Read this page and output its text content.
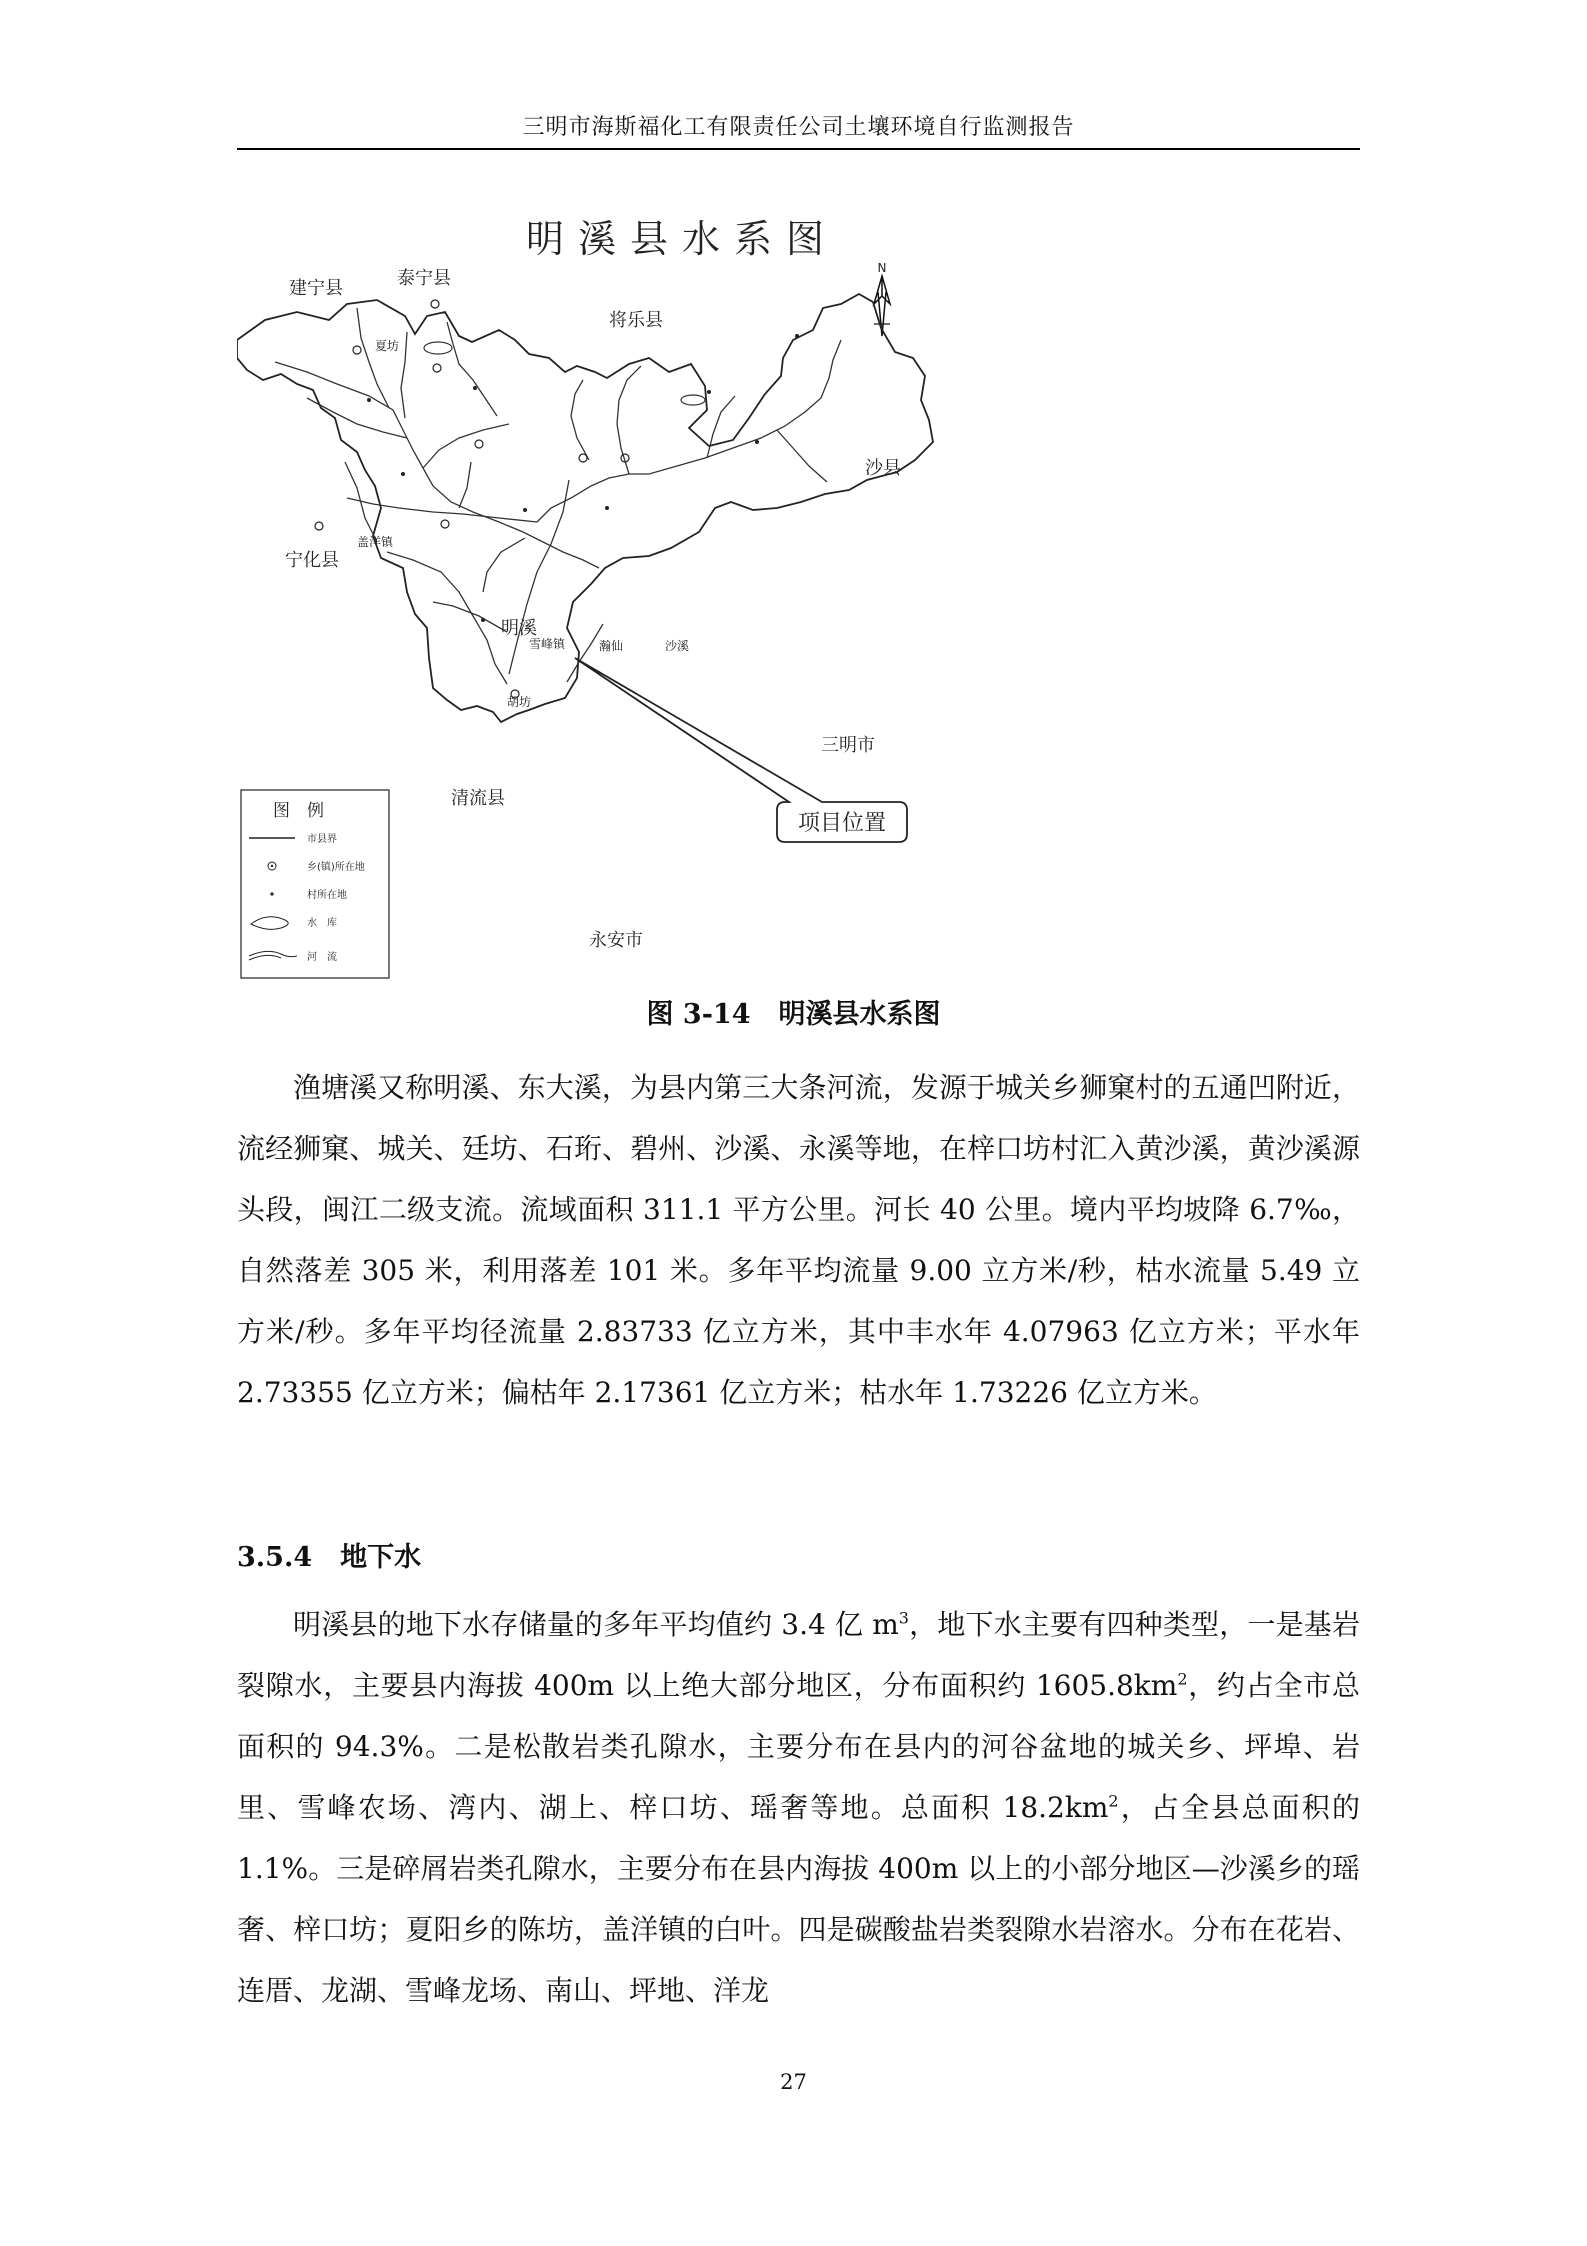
三明市海斯福化工有限责任公司土壤环境自行监测报告
明溪县水系图
N
建宁县	泰宁县
将乐县
沙县
宁化县
清流县
三明市
永安市
明溪
夏坊
盖洋镇
雪峰镇	沙溪
胡坊
瀚仙
项目位置
图　例
市县界
乡(镇)所在地
村所在地
水　库
河　流
图 3-14 明溪县水系图

渔塘溪又称明溪、东大溪，为县内第三大条河流，发源于城关乡狮窠村的五通凹附近，流经狮窠、城关、廷坊、石珩、碧州、沙溪、永溪等地，在梓口坊村汇入黄沙溪，黄沙溪源头段，闽江二级支流。流域面积 311.1 平方公里。河长 40 公里。境内平均坡降 6.7‰，自然落差 305 米，利用落差 101 米。多年平均流量 9.00 立方米/秒，枯水流量 5.49 立方米/秒。多年平均径流量 2.83733 亿立方米，其中丰水年 4.07963 亿立方米；平水年 2.73355 亿立方米；偏枯年 2.17361 亿立方米；枯水年 1.73226 亿立方米。

3.5.4 地下水

明溪县的地下水存储量的多年平均值约 3.4 亿 $m^3$，地下水主要有四种类型，一是基岩裂隙水，主要县内海拔 400m 以上绝大部分地区，分布面积约 $1605.8km^2$，约占全市总面积的 94.3%。二是松散岩类孔隙水，主要分布在县内的河谷盆地的城关乡、坪埠、岩里、雪峰农场、湾内、湖上、梓口坊、瑶奢等地。总面积 $18.2km^2$，占全县总面积的 1.1%。三是碎屑岩类孔隙水，主要分布在县内海拔 400m 以上的小部分地区—沙溪乡的瑶奢、梓口坊；夏阳乡的陈坊，盖洋镇的白叶。四是碳酸盐岩类裂隙水岩溶水。分布在花岩、连厝、龙湖、雪峰龙场、南山、坪地、洋龙

27
